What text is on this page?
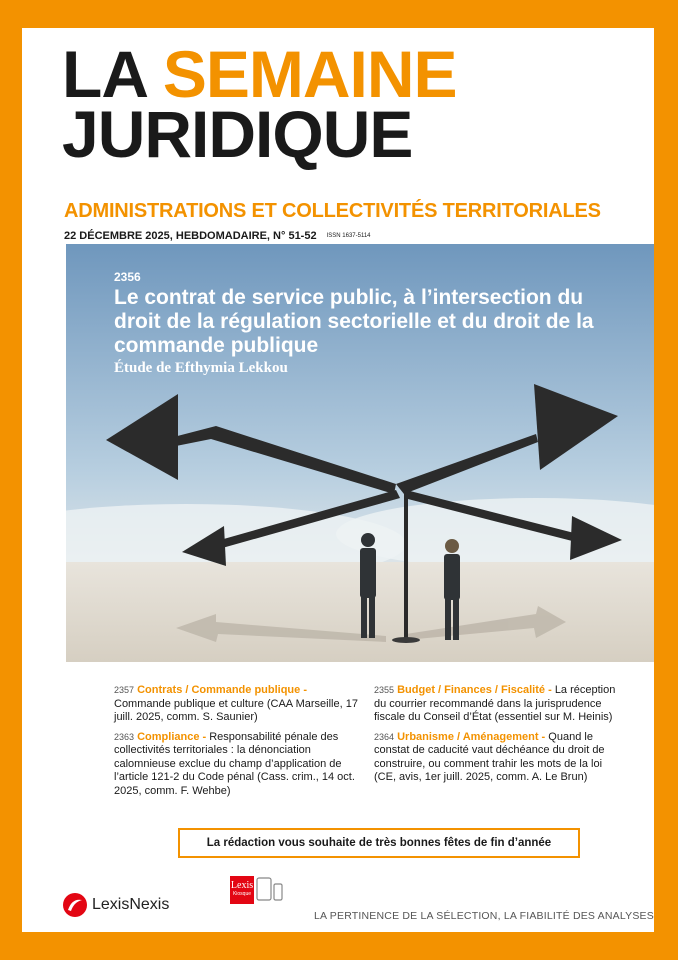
LA SEMAINE
JURIDIQUE
ADMINISTRATIONS ET COLLECTIVITÉS TERRITORIALES
22 DÉCEMBRE 2025, HEBDOMADAIRE, N° 51-52 ISSN 1637-5114
2356
Le contrat de service public, à l’intersection du droit de la régulation sectorielle et du droit de la commande publique
Étude de Efthymia Lekkou
2357 Contrats / Commande publique - Commande publique et culture (CAA Marseille, 17 juill. 2025, comm. S. Saunier)
2363 Compliance - Responsabilité pénale des collectivités territoriales : la dénonciation calomnieuse exclue du champ d’application de l’article 121-2 du Code pénal (Cass. crim., 14 oct. 2025, comm. F. Wehbe)
2355 Budget / Finances / Fiscalité - La réception du courrier recommandé dans la jurisprudence fiscale du Conseil d’État (essentiel sur M. Heinis)
2364 Urbanisme / Aménagement - Quand le constat de caducité vaut déchéance du droit de construire, ou comment trahir les mots de la loi (CE, avis, 1er juill. 2025, comm. A. Le Brun)
La rédaction vous souhaite de très bonnes fêtes de fin d’année
LexisNexis
Lexis
Kiosque
LA PERTINENCE DE LA SÉLECTION, LA FIABILITÉ DES ANALYSES
